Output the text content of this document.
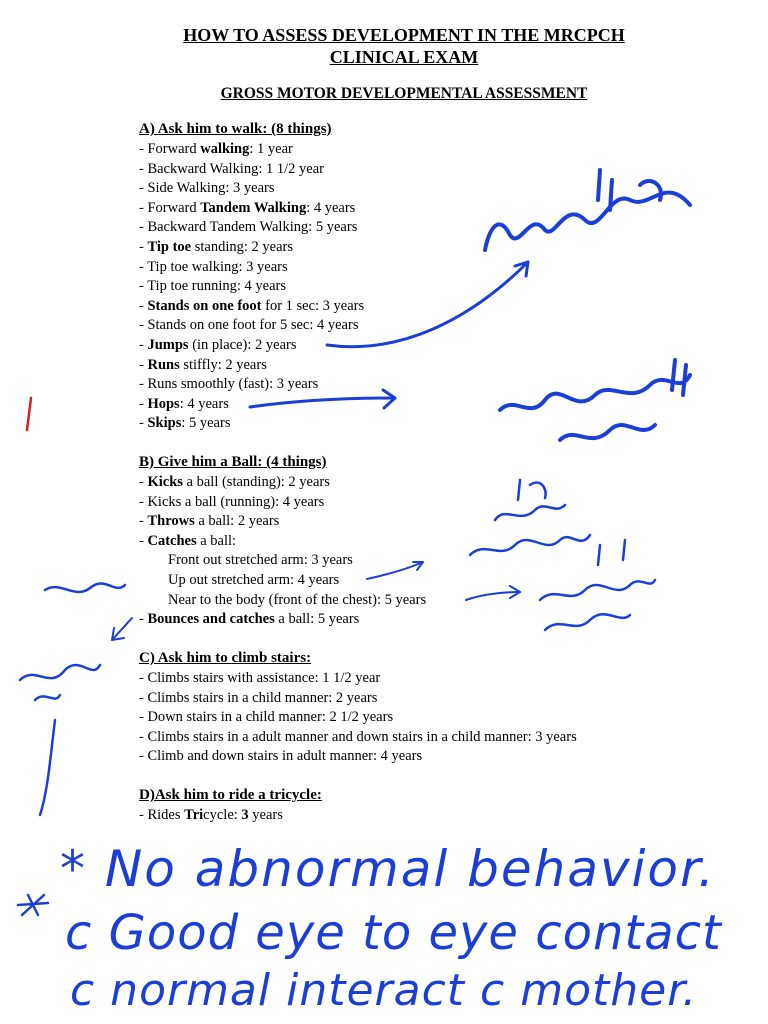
HOW TO ASSESS DEVELOPMENT IN THE MRCPCH
CLINICAL EXAM
GROSS MOTOR DEVELOPMENTAL ASSESSMENT
A) Ask him to walk: (8 things)
- Forward walking: 1 year
- Backward Walking: 1 1/2 year
- Side Walking: 3 years
- Forward Tandem Walking: 4 years
- Backward Tandem Walking: 5 years
- Tip toe standing: 2 years
- Tip toe walking: 3 years
- Tip toe running: 4 years
- Stands on one foot for 1 sec: 3 years
- Stands on one foot for 5 sec: 4 years
- Jumps (in place): 2 years
- Runs stiffly: 2 years
- Runs smoothly (fast): 3 years
- Hops: 4 years
- Skips: 5 years
B) Give him a Ball: (4 things)
- Kicks a ball (standing): 2 years
- Kicks a ball (running): 4 years
- Throws a ball: 2 years
- Catches a ball:
Front out stretched arm: 3 years
Up out stretched arm: 4 years
Near to the body (front of the chest): 5 years
- Bounces and catches a ball: 5 years
C) Ask him to climb stairs:
- Climbs stairs with assistance: 1 1/2 year
- Climbs stairs in a child manner: 2 years
- Down stairs in a child manner: 2 1/2 years
- Climbs stairs in a adult manner and down stairs in a child manner: 3 years
- Climb and down stairs in adult manner: 4 years
D)Ask him to ride a tricycle:
- Rides Tricycle: 3 years
* No abnormal behavior.
c Good eye to eye contact
c normal interact c mother.
